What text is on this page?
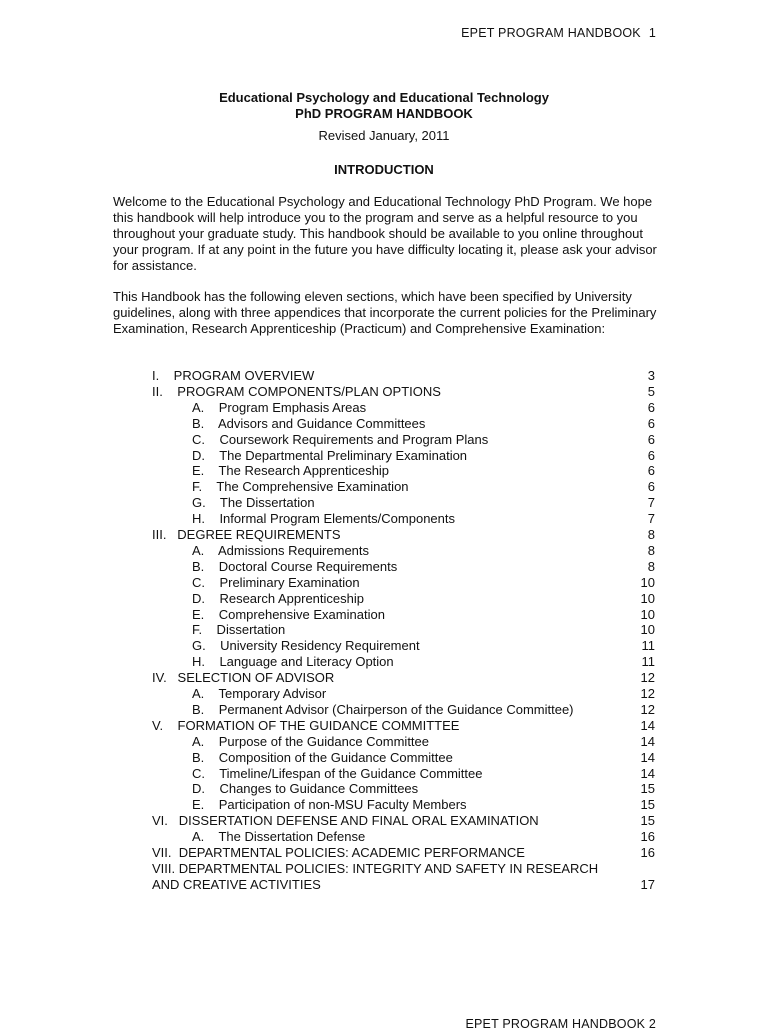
EPET PROGRAM HANDBOOK 1
Educational Psychology and Educational Technology
PhD PROGRAM HANDBOOK
Revised January, 2011
INTRODUCTION
Welcome to the Educational Psychology and Educational Technology PhD Program. We hope this handbook will help introduce you to the program and serve as a helpful resource to you throughout your graduate study. This handbook should be available to you online throughout your program. If at any point in the future you have difficulty locating it, please ask your advisor for assistance.
This Handbook has the following eleven sections, which have been specified by University guidelines, along with three appendices that incorporate the current policies for the Preliminary Examination, Research Apprenticeship (Practicum) and Comprehensive Examination:
I.    PROGRAM OVERVIEW	3
II.    PROGRAM COMPONENTS/PLAN OPTIONS	5
A.    Program Emphasis Areas	6
B.    Advisors and Guidance Committees	6
C.    Coursework Requirements and Program Plans	6
D.    The Departmental Preliminary Examination	6
E.    The Research Apprenticeship	6
F.    The Comprehensive Examination	6
G.    The Dissertation	7
H.    Informal Program Elements/Components	7
III.   DEGREE REQUIREMENTS	8
A.    Admissions Requirements	8
B.    Doctoral Course Requirements	8
C.    Preliminary Examination	10
D.    Research Apprenticeship	10
E.    Comprehensive Examination	10
F.    Dissertation	10
G.    University Residency Requirement	11
H.    Language and Literacy Option	11
IV.   SELECTION OF ADVISOR	12
A.    Temporary Advisor	12
B.    Permanent Advisor (Chairperson of the Guidance Committee)	12
V.    FORMATION OF THE GUIDANCE COMMITTEE	14
A.    Purpose of the Guidance Committee	14
B.    Composition of the Guidance Committee	14
C.    Timeline/Lifespan of the Guidance Committee	14
D.    Changes to Guidance Committees	15
E.    Participation of non-MSU Faculty Members	15
VI.   DISSERTATION DEFENSE AND FINAL ORAL EXAMINATION	15
A.    The Dissertation Defense	16
VII.  DEPARTMENTAL POLICIES: ACADEMIC PERFORMANCE	16
VIII. DEPARTMENTAL POLICIES: INTEGRITY AND SAFETY IN RESEARCH
AND CREATIVE ACTIVITIES	17
EPET PROGRAM HANDBOOK 2
